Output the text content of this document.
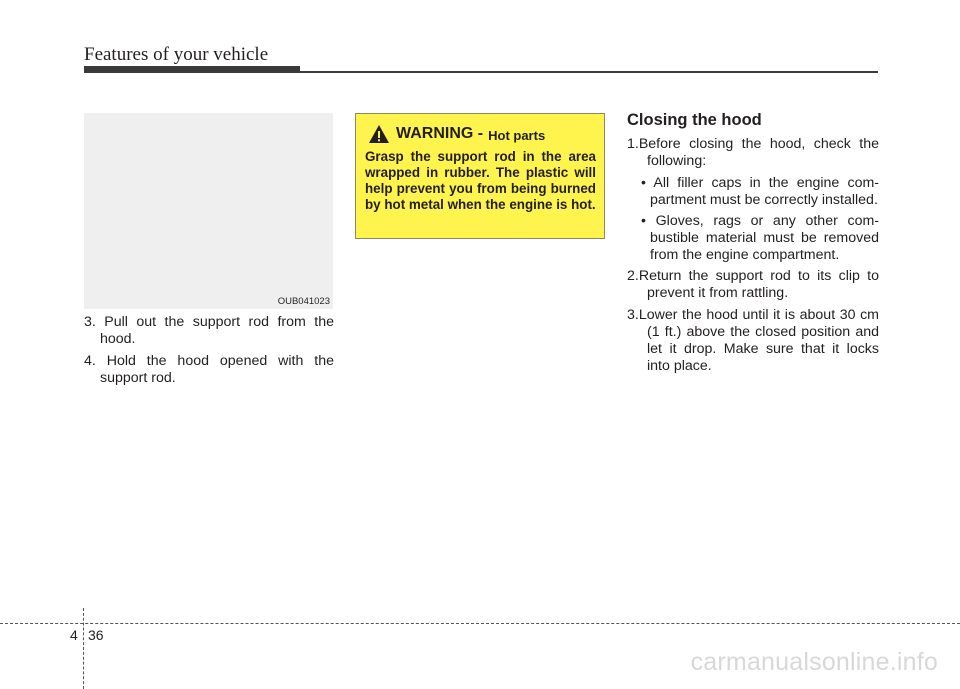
Features of your vehicle
OUB041023

3. Pull out the support rod from the hood.

4. Hold the hood opened with the support rod.

WARNING - Hot parts

Grasp the support rod in the area wrapped in rubber. The plastic will help prevent you from being burned by hot metal when the engine is hot.

Closing the hood

1.Before closing the hood, check the following:

• All filler caps in the engine com-partment must be correctly installed.

• Gloves, rags or any other com-bustible material must be removed from the engine compartment.

2.Return the support rod to its clip to prevent it from rattling.

3.Lower the hood until it is about 30 cm (1 ft.) above the closed position and let it drop. Make sure that it locks into place.

4 36
carmanualsonline.info
